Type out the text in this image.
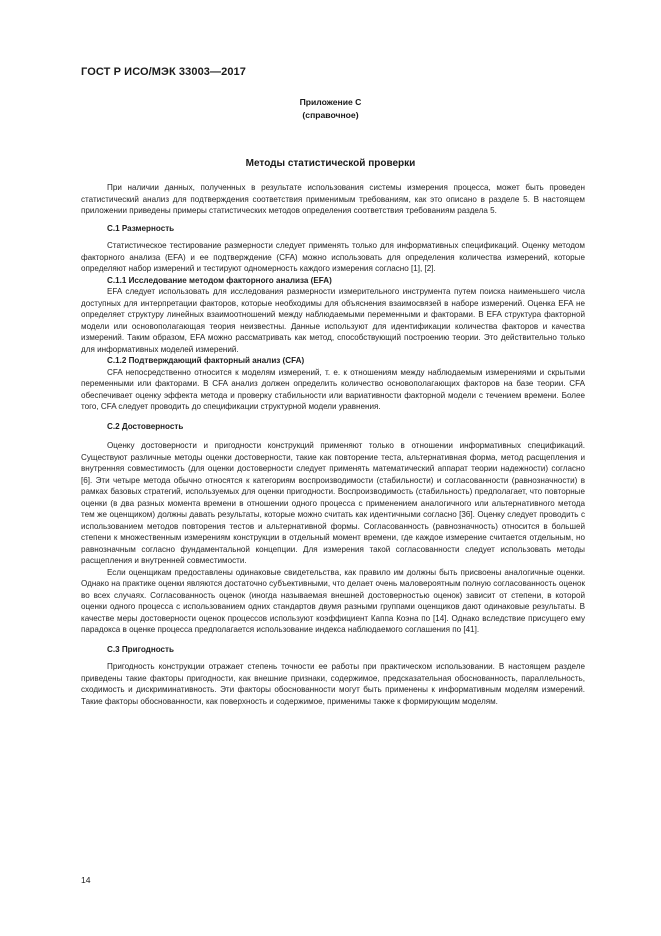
ГОСТ Р ИСО/МЭК 33003—2017
Приложение С
(справочное)
Методы статистической проверки

При наличии данных, полученных в результате использования системы измерения процесса, может быть проведен статистический анализ для подтверждения соответствия применимым требованиям, как это описано в разделе 5. В настоящем приложении приведены примеры статистических методов определения соответствия требованиям раздела 5.

С.1 Размерность

Статистическое тестирование размерности следует применять только для информативных спецификаций. Оценку методом факторного анализа (EFA) и ее подтверждение (CFA) можно использовать для определения количества измерений, которые определяют набор измерений и тестируют одномерность каждого измерения согласно [1], [2].

С.1.1 Исследование методом факторного анализа (EFA)

EFA следует использовать для исследования размерности измерительного инструмента путем поиска наименьшего числа доступных для интерпретации факторов, которые необходимы для объяснения взаимосвязей в наборе измерений. Оценка EFA не определяет структуру линейных взаимоотношений между наблюдаемыми переменными и факторами. В EFA структура факторной модели или основополагающая теория неизвестны. Данные используют для идентификации количества факторов и качества измерений. Таким образом, EFA можно рассматривать как метод, способствующий построению теории. Это действительно только для информативных моделей измерений.

С.1.2 Подтверждающий факторный анализ (CFA)

CFA непосредственно относится к моделям измерений, т. е. к отношениям между наблюдаемым измерениями и скрытыми переменными или факторами. В CFA анализ должен определить количество основополагающих факторов на базе теории. CFA обеспечивает оценку эффекта метода и проверку стабильности или вариативности факторной модели с течением времени. Более того, CFA следует проводить до спецификации структурной модели уравнения.

С.2 Достоверность

Оценку достоверности и пригодности конструкций применяют только в отношении информативных спецификаций. Существуют различные методы оценки достоверности, такие как повторение теста, альтернативная форма, метод расщепления и внутренняя совместимость (для оценки достоверности следует применять математический аппарат теории надежности) согласно [6]. Эти четыре метода обычно относятся к категориям воспроизводимости (стабильности) и согласованности (равнозначности) в рамках базовых стратегий, используемых для оценки пригодности. Воспроизводимость (стабильность) предполагает, что повторные оценки (в два разных момента времени в отношении одного процесса с применением аналогичного или альтернативного метода тем же оценщиком) должны давать результаты, которые можно считать как идентичными согласно [36]. Оценку следует проводить с использованием методов повторения тестов и альтернативной формы. Согласованность (равнозначность) относится в большей степени к множественным измерениям конструкции в отдельный момент времени, где каждое измерение считается отдельным, но равнозначным согласно фундаментальной концепции. Для измерения такой согласованности следует использовать методы расщепления и внутренней совместимости.

Если оценщикам предоставлены одинаковые свидетельства, как правило им должны быть присвоены аналогичные оценки. Однако на практике оценки являются достаточно субъективными, что делает очень маловероятным полную согласованность оценок во всех случаях. Согласованность оценок (иногда называемая внешней достоверностью оценок) зависит от степени, в которой оценки одного процесса с использованием одних стандартов двумя разными группами оценщиков дают одинаковые результаты. В качестве меры достоверности оценок процессов используют коэффициент Каппа Коэна по [14]. Однако вследствие присущего ему парадокса в оценке процесса предполагается использование индекса наблюдаемого соглашения по [41].

С.3 Пригодность

Пригодность конструкции отражает степень точности ее работы при практическом использовании. В настоящем разделе приведены такие факторы пригодности, как внешние признаки, содержимое, предсказательная обоснованность, параллельность, сходимость и дискриминативность. Эти факторы обоснованности могут быть применены к информативным моделям измерений. Такие факторы обоснованности, как поверхность и содержимое, применимы также к формирующим моделям.

14
